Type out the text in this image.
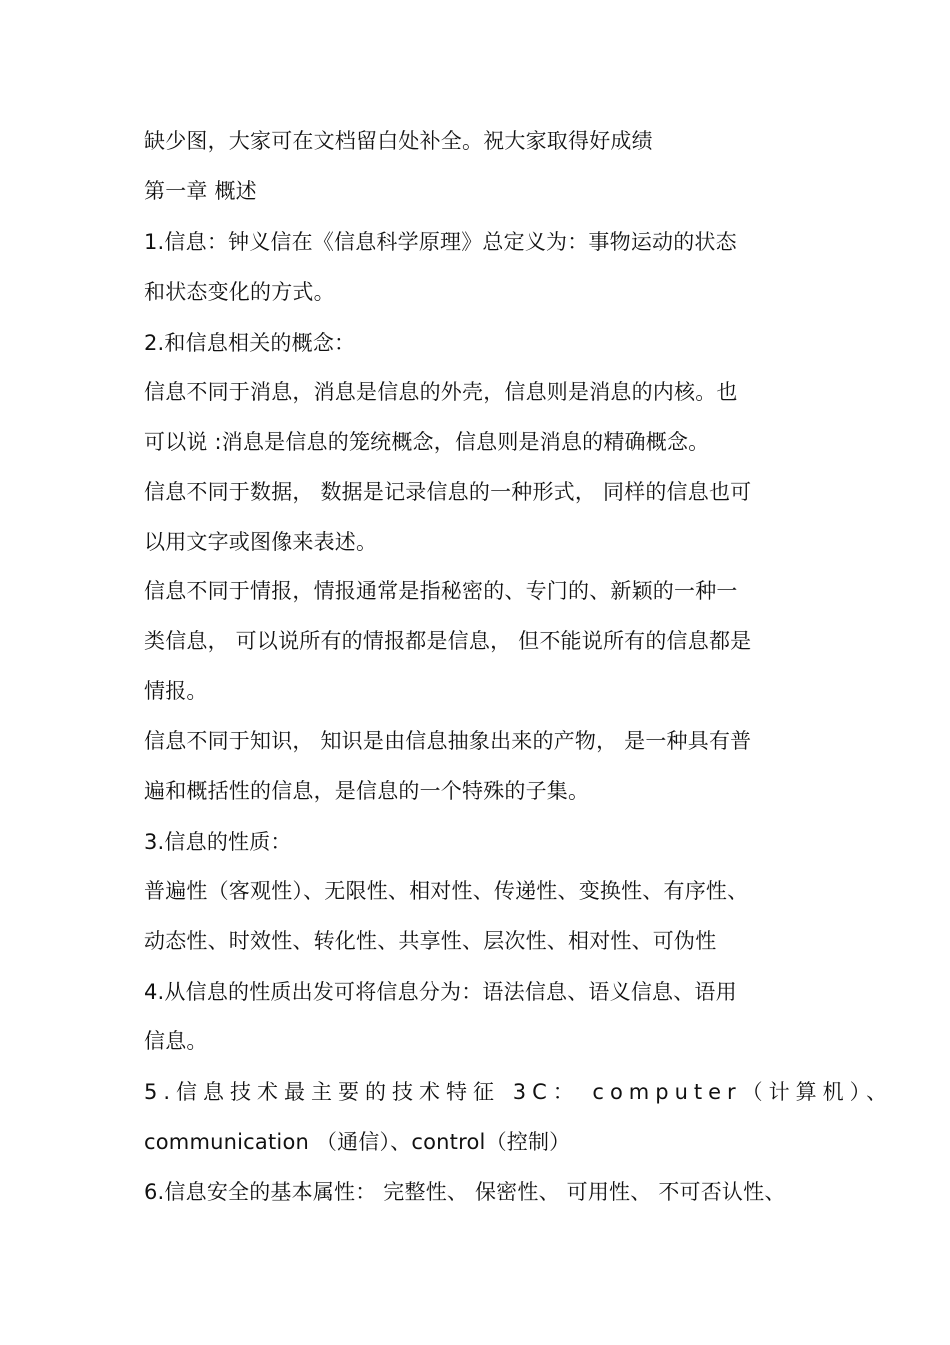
缺少图，大家可在文档留白处补全。祝大家取得好成绩
第一章 概述
1.信息：钟义信在《信息科学原理》总定义为：事物运动的状态
和状态变化的方式。
2.和信息相关的概念：
信息不同于消息，消息是信息的外壳，信息则是消息的内核。也
可以说 :消息是信息的笼统概念，信息则是消息的精确概念。
信息不同于数据， 数据是记录信息的一种形式， 同样的信息也可
以用文字或图像来表述。
信息不同于情报，情报通常是指秘密的、专门的、新颖的一种一
类信息， 可以说所有的情报都是信息， 但不能说所有的信息都是
情报。
信息不同于知识， 知识是由信息抽象出来的产物， 是一种具有普
遍和概括性的信息，是信息的一个特殊的子集。
3.信息的性质：
普遍性（客观性）、无限性、相对性、传递性、变换性、有序性、
动态性、时效性、转化性、共享性、层次性、相对性、可伪性
4.从信息的性质出发可将信息分为：语法信息、语义信息、语用
信息。
5.信息技术最主要的技术特征 3C： computer（计算机）、
communication （通信）、control（控制）
6.信息安全的基本属性： 完整性、 保密性、 可用性、 不可否认性、
